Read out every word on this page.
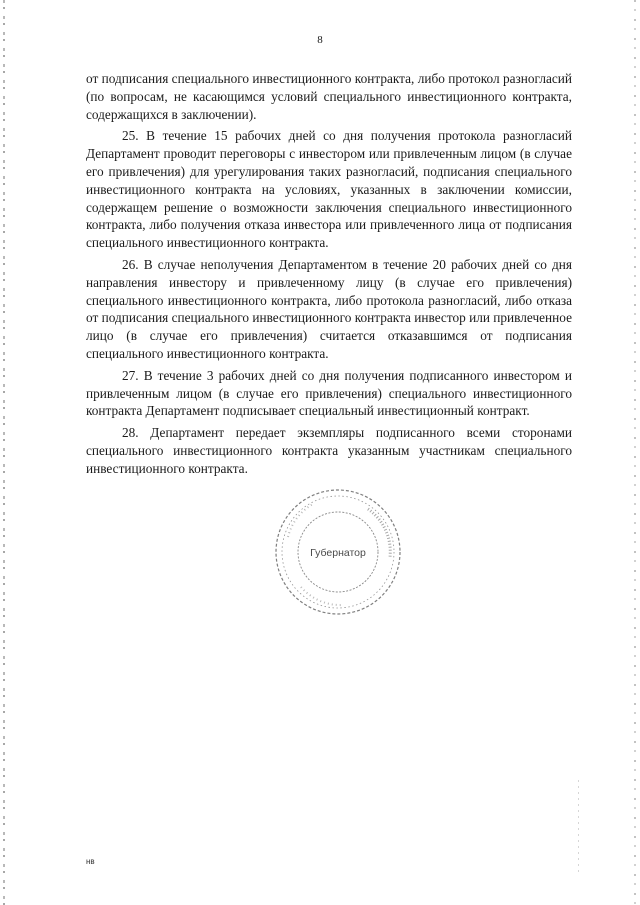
8

от подписания специального инвестиционного контракта, либо протокол разногласий (по вопросам, не касающимся условий специального инвестиционного контракта, содержащихся в заключении).

25. В течение 15 рабочих дней со дня получения протокола разногласий Департамент проводит переговоры с инвестором или привлеченным лицом (в случае его привлечения) для урегулирования таких разногласий, подписания специального инвестиционного контракта на условиях, указанных в заключении комиссии, содержащем решение о возможности заключения специального инвестиционного контракта, либо получения отказа инвестора или привлеченного лица от подписания специального инвестиционного контракта.

26. В случае неполучения Департаментом в течение 20 рабочих дней со дня направления инвестору и привлеченному лицу (в случае его привлечения) специального инвестиционного контракта, либо протокола разногласий, либо отказа от подписания специального инвестиционного контракта инвестор или привлеченное лицо (в случае его привлечения) считается отказавшимся от подписания специального инвестиционного контракта.

27. В течение 3 рабочих дней со дня получения подписанного инвестором и привлеченным лицом (в случае его привлечения) специального инвестиционного контракта Департамент подписывает специальный инвестиционный контракт.

28. Департамент передает экземпляры подписанного всеми сторонами специального инвестиционного контракта указанным участникам специального инвестиционного контракта.

Губернатор
нв
